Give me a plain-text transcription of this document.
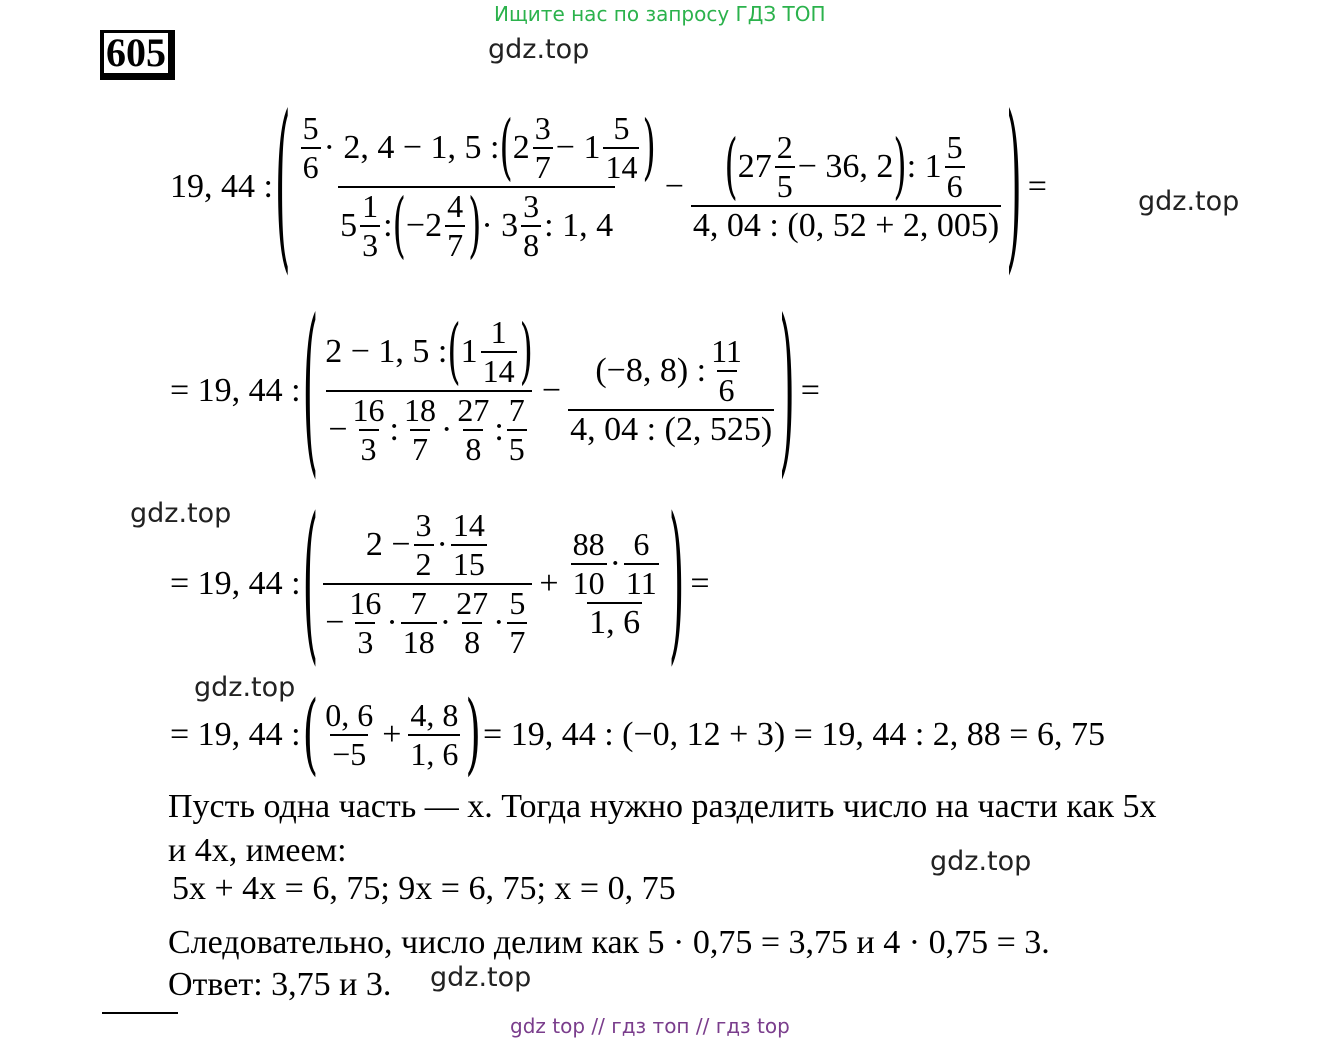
Ищите нас по запросу ГДЗ ТОП
gdz top // гдз топ // гдз top
605	gdz.top
gdz.top
gdz.top
gdz.top
gdz.top
gdz.top
19, 44 : ( $\frac{5}{6} \cdot 2$, 4 − 1, 5 : ( $2 \frac{3}{7} - 1 \frac{5}{14}$ )
$5 \frac{1}{3}$ : ( $-2 \frac{4}{7}$ ) · $3 \frac{3}{8}$ : 1, 4
− $\frac{( 27 \frac{2}{5} - 36, 2 ) : 1 \frac{5}{6}}{4, 04 : (0, 52 + 2, 005)}$ ) =
= 19, 44 : ( 2 − 1, 5 : ( $1 \frac{1}{14}$ )
− $\frac{16}{3}$ : $\frac{18}{7} \cdot \frac{27}{8}$ : $\frac{7}{5}$
− $\frac{(-8, 8) : \frac{11}{6}}{4, 04 : (2, 525)}$ ) =
= 19, 44 : ( $2 - \frac{3}{2} \cdot \frac{14}{15}$
− $\frac{16}{3} \cdot \frac{7}{18} \cdot \frac{27}{8} \cdot \frac{5}{7}$
+ $\frac{\frac{88}{10} \cdot \frac{6}{11}}{1, 6}$ ) =
= 19, 44 : ( $\frac{0, 6}{-5} + \frac{4, 8}{1, 6}$ ) = 19, 44 : (−0, 12 + 3) = 19, 44 : 2, 88 = 6, 75
Пусть одна часть — x. Тогда нужно разделить число на части как 5x
и 4x, имеем:
5x + 4x = 6, 75; 9x = 6, 75; x = 0, 75
Следовательно, число делим как 5 · 0,75 = 3,75 и 4 · 0,75 = 3.
Ответ: 3,75 и 3.
